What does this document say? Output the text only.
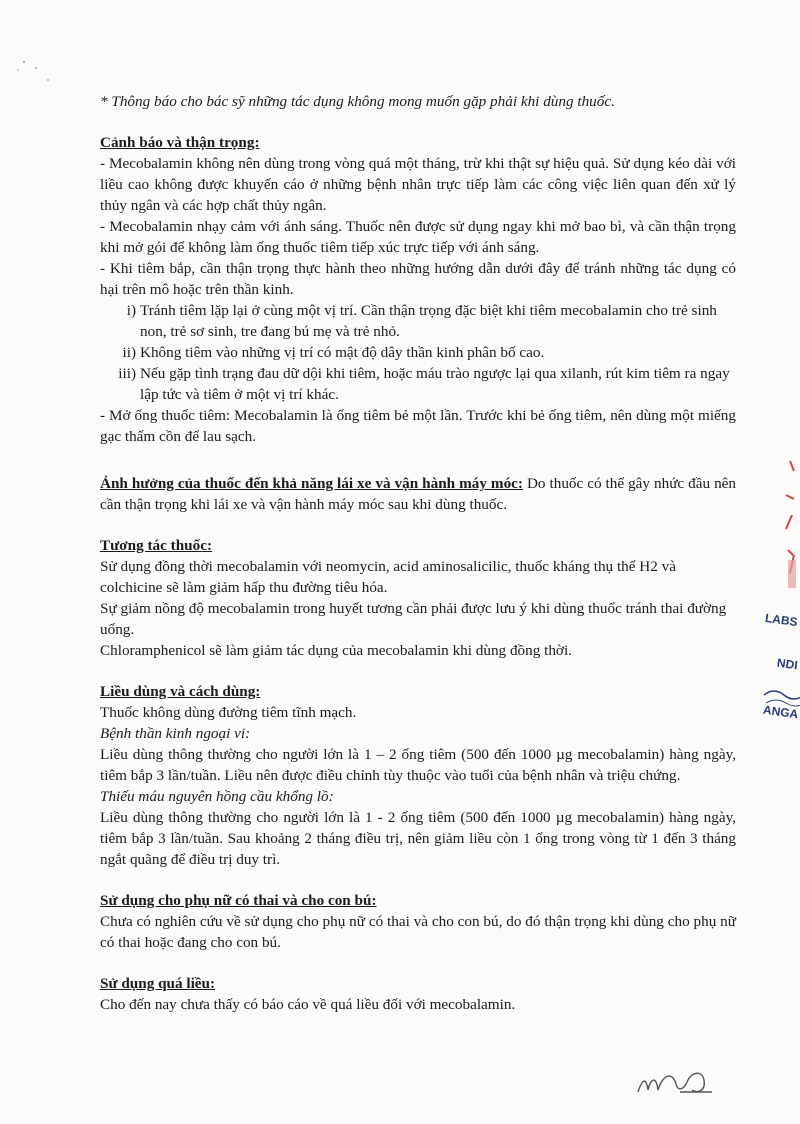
* Thông báo cho bác sỹ những tác dụng không mong muốn gặp phải khi dùng thuốc.

Cảnh báo và thận trọng:

- Mecobalamin không nên dùng trong vòng quá một tháng, trừ khi thật sự hiệu quả. Sử dụng kéo dài với liều cao không được khuyến cáo ở những bệnh nhân trực tiếp làm các công việc liên quan đến xử lý thủy ngân và các hợp chất thủy ngân.

- Mecobalamin nhạy cảm với ánh sáng. Thuốc nên được sử dụng ngay khi mở bao bì, và cần thận trọng khi mở gói để không làm ống thuốc tiêm tiếp xúc trực tiếp với ánh sáng.

- Khi tiêm bắp, cần thận trọng thực hành theo những hướng dẫn dưới đây để tránh những tác dụng có hại trên mô hoặc trên thần kinh.

i) Tránh tiêm lặp lại ở cùng một vị trí. Cần thận trọng đặc biệt khi tiêm mecobalamin cho trẻ sinh non, trẻ sơ sinh, tre đang bú mẹ và trẻ nhỏ.
ii) Không tiêm vào những vị trí có mật độ dây thần kinh phân bố cao.
iii) Nếu gặp tình trạng đau dữ dội khi tiêm, hoặc máu trào ngược lại qua xilanh, rút kim tiêm ra ngay lập tức và tiêm ở một vị trí khác.

- Mở ống thuốc tiêm: Mecobalamin là ống tiêm bẻ một lần. Trước khi bẻ ống tiêm, nên dùng một miếng gạc thấm cồn để lau sạch.

Ảnh hưởng của thuốc đến khả năng lái xe và vận hành máy móc: Do thuốc có thể gây nhức đầu nên cần thận trọng khi lái xe và vận hành máy móc sau khi dùng thuốc.

Tương tác thuốc:

Sử dụng đồng thời mecobalamin với neomycin, acid aminosalicilic, thuốc kháng thụ thể H2 và colchicine sẽ làm giảm hấp thu đường tiêu hóa.

Sự giảm nồng độ mecobalamin trong huyết tương cần phải được lưu ý khi dùng thuốc tránh thai đường uống.

Chloramphenicol sẽ làm giảm tác dụng của mecobalamin khi dùng đồng thời.

Liều dùng và cách dùng:

Thuốc không dùng đường tiêm tĩnh mạch.

Bệnh thần kinh ngoại vi:

Liều dùng thông thường cho người lớn là 1 – 2 ống tiêm (500 đến 1000 µg mecobalamin) hàng ngày, tiêm bắp 3 lần/tuần. Liều nên được điều chỉnh tùy thuộc vào tuổi của bệnh nhân và triệu chứng.

Thiếu máu nguyên hồng cầu khổng lồ:

Liều dùng thông thường cho người lớn là 1 - 2 ống tiêm (500 đến 1000 µg mecobalamin) hàng ngày, tiêm bắp 3 lần/tuần. Sau khoảng 2 tháng điều trị, nên giảm liều còn 1 ống trong vòng từ 1 đến 3 tháng ngắt quãng để điều trị duy trì.

Sử dụng cho phụ nữ có thai và cho con bú:

Chưa có nghiên cứu về sử dụng cho phụ nữ có thai và cho con bú, do đó thận trọng khi dùng cho phụ nữ có thai hoặc đang cho con bú.

Sử dụng quá liều:

Cho đến nay chưa thấy có báo cáo về quá liều đối với mecobalamin.

LABS
NDI
ANGA
